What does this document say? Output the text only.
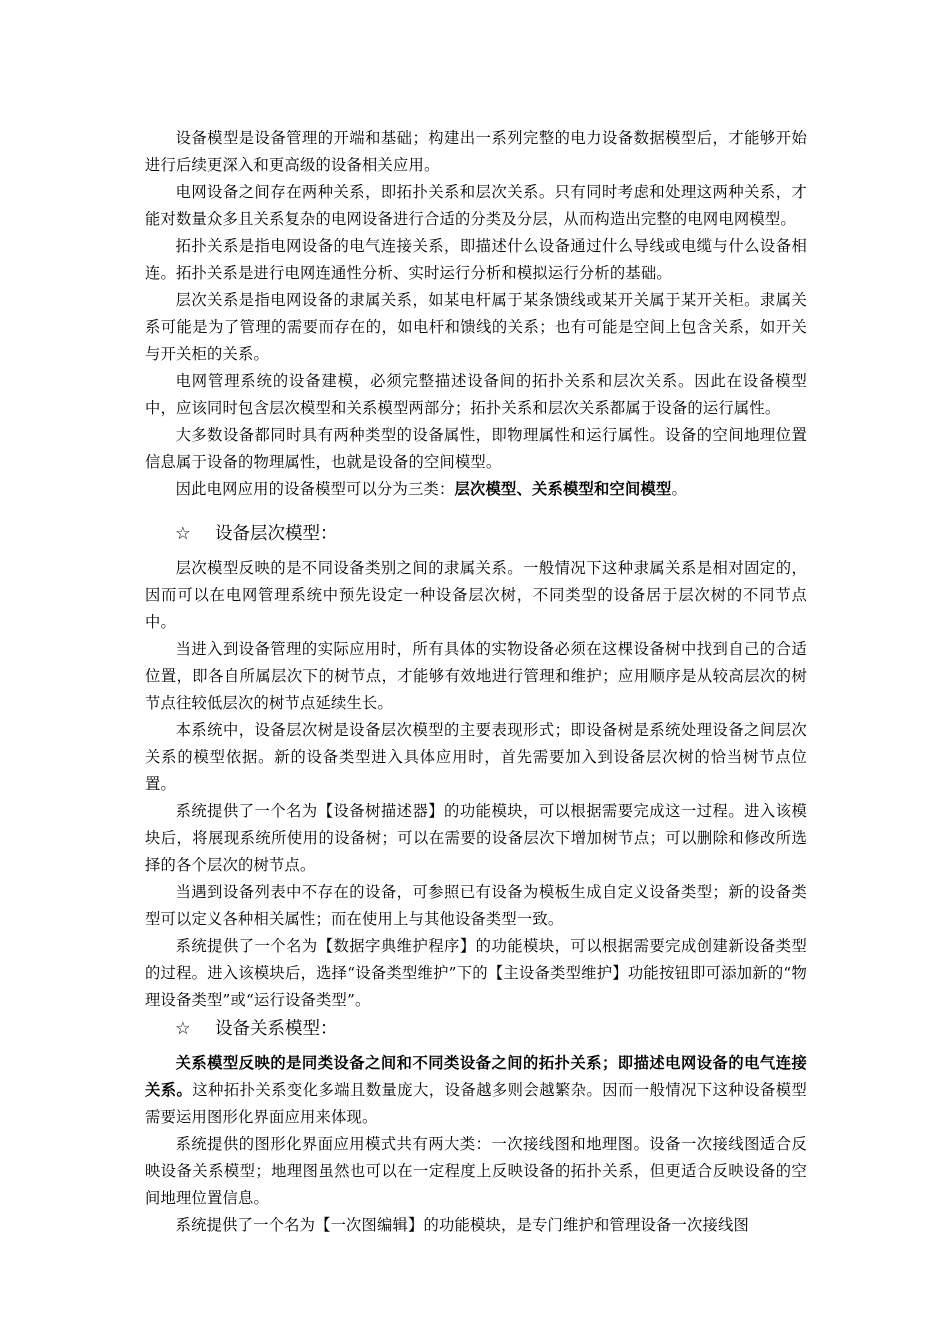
设备模型是设备管理的开端和基础；构建出一系列完整的电力设备数据模型后，才能够开始进行后续更深入和更高级的设备相关应用。

电网设备之间存在两种关系，即拓扑关系和层次关系。只有同时考虑和处理这两种关系，才能对数量众多且关系复杂的电网设备进行合适的分类及分层，从而构造出完整的电网电网模型。

拓扑关系是指电网设备的电气连接关系，即描述什么设备通过什么导线或电缆与什么设备相连。拓扑关系是进行电网连通性分析、实时运行分析和模拟运行分析的基础。

层次关系是指电网设备的隶属关系，如某电杆属于某条馈线或某开关属于某开关柜。隶属关系可能是为了管理的需要而存在的，如电杆和馈线的关系；也有可能是空间上包含关系，如开关与开关柜的关系。

电网管理系统的设备建模，必须完整描述设备间的拓扑关系和层次关系。因此在设备模型中，应该同时包含层次模型和关系模型两部分；拓扑关系和层次关系都属于设备的运行属性。

大多数设备都同时具有两种类型的设备属性，即物理属性和运行属性。设备的空间地理位置信息属于设备的物理属性，也就是设备的空间模型。

因此电网应用的设备模型可以分为三类：层次模型、关系模型和空间模型。

☆ 设备层次模型：

层次模型反映的是不同设备类别之间的隶属关系。一般情况下这种隶属关系是相对固定的，因而可以在电网管理系统中预先设定一种设备层次树，不同类型的设备居于层次树的不同节点中。

当进入到设备管理的实际应用时，所有具体的实物设备必须在这棵设备树中找到自己的合适位置，即各自所属层次下的树节点，才能够有效地进行管理和维护；应用顺序是从较高层次的树节点往较低层次的树节点延续生长。

本系统中，设备层次树是设备层次模型的主要表现形式；即设备树是系统处理设备之间层次关系的模型依据。新的设备类型进入具体应用时，首先需要加入到设备层次树的恰当树节点位置。

系统提供了一个名为【设备树描述器】的功能模块，可以根据需要完成这一过程。进入该模块后，将展现系统所使用的设备树；可以在需要的设备层次下增加树节点；可以删除和修改所选择的各个层次的树节点。

当遇到设备列表中不存在的设备，可参照已有设备为模板生成自定义设备类型；新的设备类型可以定义各种相关属性；而在使用上与其他设备类型一致。

系统提供了一个名为【数据字典维护程序】的功能模块，可以根据需要完成创建新设备类型的过程。进入该模块后，选择“设备类型维护”下的【主设备类型维护】功能按钮即可添加新的“物理设备类型”或“运行设备类型”。

☆ 设备关系模型：

关系模型反映的是同类设备之间和不同类设备之间的拓扑关系；即描述电网设备的电气连接关系。这种拓扑关系变化多端且数量庞大，设备越多则会越繁杂。因而一般情况下这种设备模型需要运用图形化界面应用来体现。

系统提供的图形化界面应用模式共有两大类：一次接线图和地理图。设备一次接线图适合反映设备关系模型；地理图虽然也可以在一定程度上反映设备的拓扑关系，但更适合反映设备的空间地理位置信息。

系统提供了一个名为【一次图编辑】的功能模块，是专门维护和管理设备一次接线图
